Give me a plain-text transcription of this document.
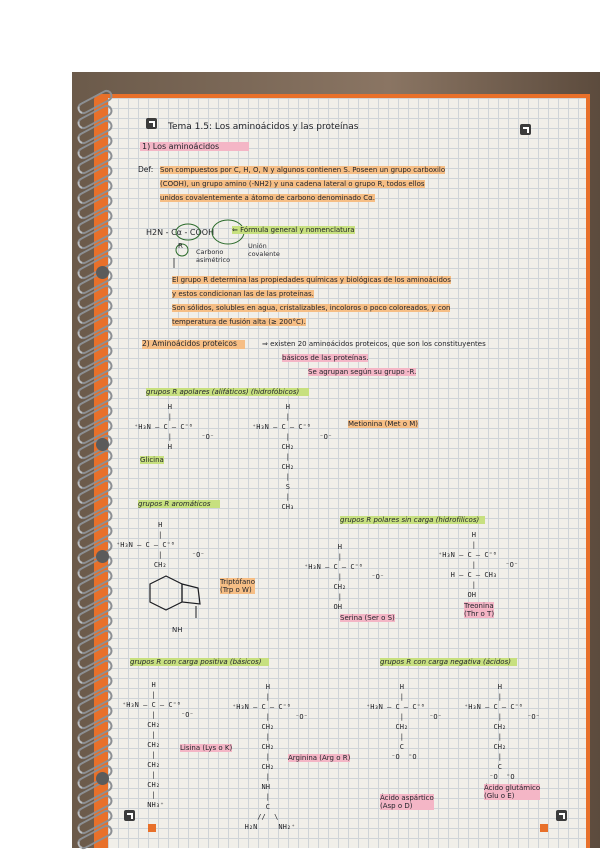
Tema 1.5: Los aminoácidos y las proteínas
1) Los aminoácidos
Def: Son compuestos por C, H, O, N y algunos contienen S. Poseen un grupo carboxilo
(COOH), un grupo amino (-NH2) y una cadena lateral o grupo R, todos ellos
unidos covalentemente a átomo de carbono denominado Cα.
H2N - Cα - COOH
R
⇐ Fórmula general y nomenclatura
Carbono asimétrico
Unión covalente
El grupo R determina las propiedades químicas y biológicas de los aminoácidos
y estos condicionan las de las proteínas.
Son sólidos, solubles en agua, cristalizables, incoloros o poco coloreados, y con
temperatura de fusión alta (≥ 200°C).
2) Aminoácidos proteicos	⇒ existen 20 aminoácidos proteicos, que son los constituyentes
básicos de las proteínas.
Se agrupan según su grupo -R.
grupos R apolares (alifáticos) (hidrofóbicos)
H
|
⁺H₃N — C — C⁼⁰
|       ⁻O⁻
H
Glicina
H
|
⁺H₃N — C — C⁼⁰
|       ⁻O⁻
CH₂
|
CH₂
|
S
|
CH₃
Metionina (Met o M)
grupos R aromáticos
grupos R polares sin carga (hidrofílicos)
H
|
⁺H₃N — C — C⁼⁰
|       ⁻O⁻
CH₂
NH
Triptófano
(Trp o W)
H
|
⁺H₃N — C — C⁼⁰
|       ⁻O⁻
CH₂
|
OH
Serina (Ser o S)
H
|
⁺H₃N — C — C⁼⁰
|       ⁻O⁻
H — C — CH₃
|
OH
Treonina
(Thr o T)
grupos R con carga positiva (básicos)	grupos R con carga negativa (ácidos)
H
|
⁺H₃N — C — C⁼⁰
|      ⁻O⁻
CH₂
|
CH₂
|
CH₂
|
CH₂
|
NH₃⁺
Lisina (Lys o K)
H
|
⁺H₃N — C — C⁼⁰
|      ⁻O⁻
CH₂
|
CH₂
|
CH₂
|
NH
|
C
//  \
H₂N     NH₂⁺
Arginina (Arg o R)
H
|
⁺H₃N — C — C⁼⁰
|      ⁻O⁻
CH₂
|
C
⁻O  ⁼O
Ácido aspártico
(Asp o D)
H
|
⁺H₃N — C — C⁼⁰
|      ⁻O⁻
CH₂
|
CH₂
|
C
⁻O  ⁼O
Ácido glutámico
(Glu o E)
